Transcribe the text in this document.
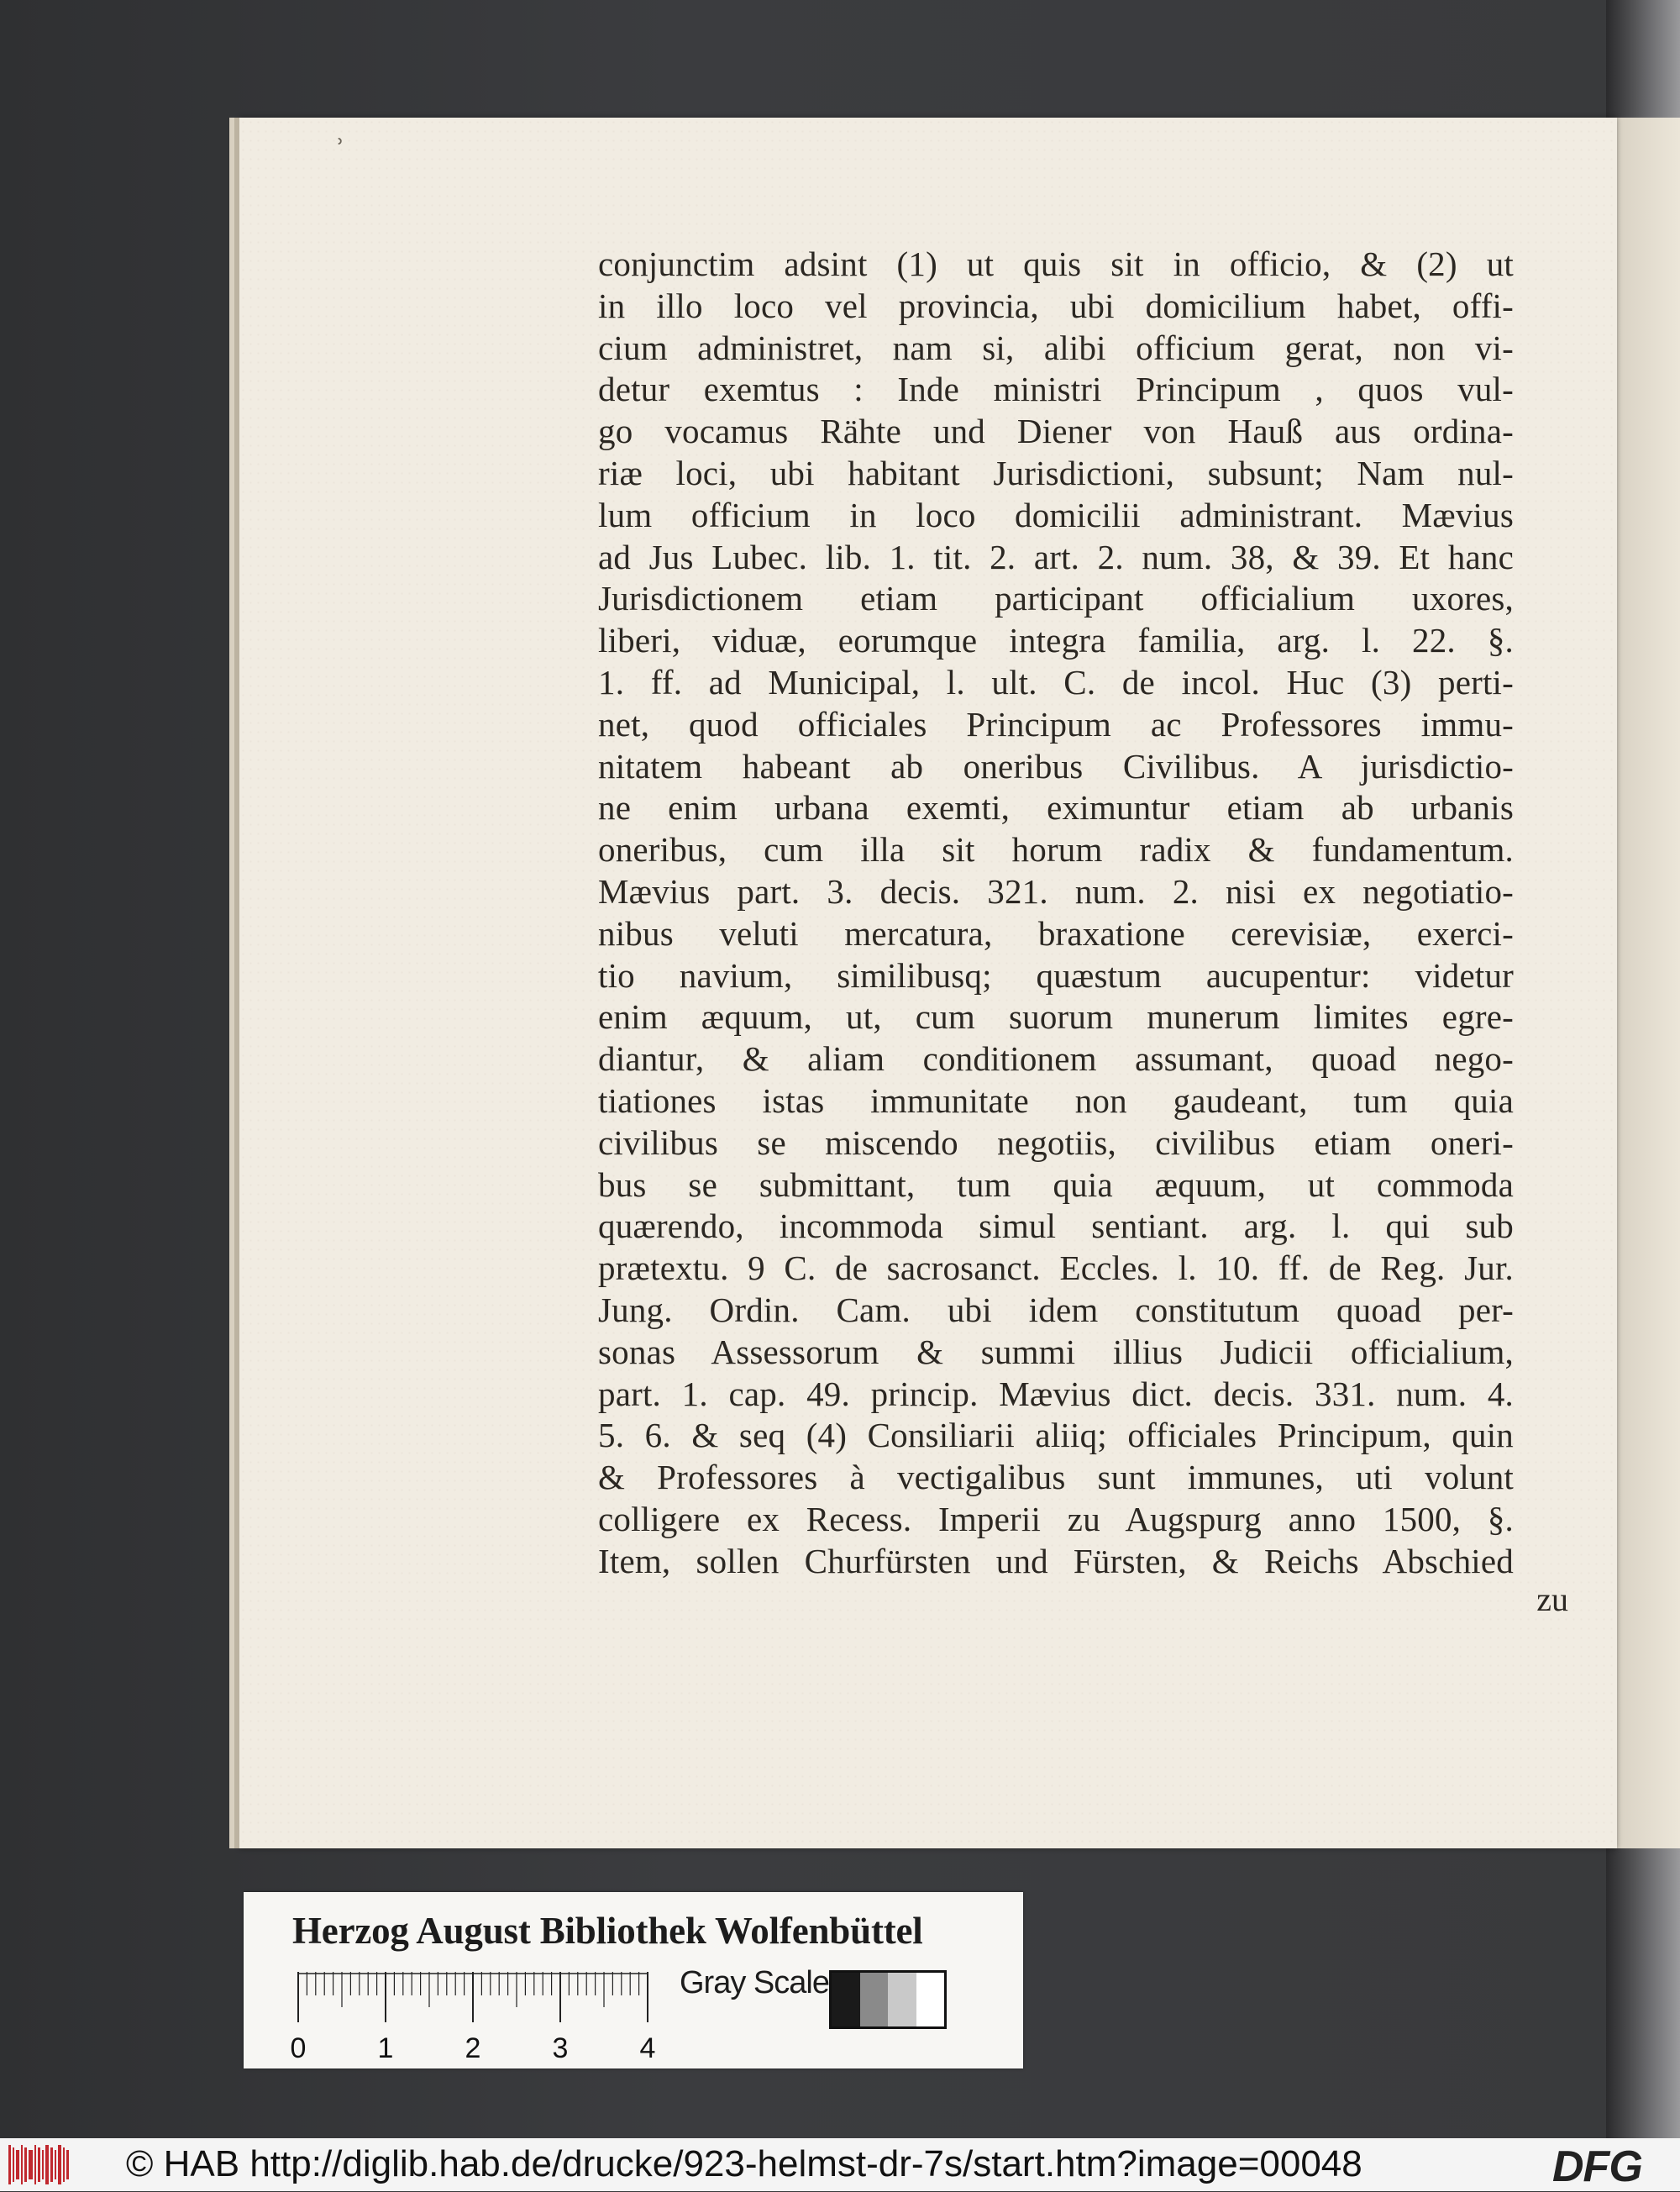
ʾ
conjunctim adsint (1) ut quis sit in officio, & (2) ut
in illo loco vel provincia, ubi domicilium habet, offi-
cium administret, nam si, alibi officium gerat, non vi-
detur exemtus : Inde ministri Principum , quos vul-
go vocamus Rähte und Diener von Hauß aus ordina-
riæ loci, ubi habitant Jurisdictioni, subsunt; Nam nul-
lum officium in loco domicilii administrant. Mævius
ad Jus Lubec. lib. 1. tit. 2. art. 2. num. 38, & 39. Et hanc
Jurisdictionem etiam participant officialium uxores,
liberi, viduæ, eorumque integra familia, arg. l. 22. §.
1. ff. ad Municipal, l. ult. C. de incol. Huc (3) perti-
net, quod officiales Principum ac Professores immu-
nitatem habeant ab oneribus Civilibus. A jurisdictio-
ne enim urbana exemti, eximuntur etiam ab urbanis
oneribus, cum illa sit horum radix & fundamentum.
Mævius part. 3. decis. 321. num. 2. nisi ex negotiatio-
nibus veluti mercatura, braxatione cerevisiæ, exerci-
tio navium, similibusq; quæstum aucupentur: videtur
enim æquum, ut, cum suorum munerum limites egre-
diantur, & aliam conditionem assumant, quoad nego-
tiationes istas immunitate non gaudeant, tum quia
civilibus se miscendo negotiis, civilibus etiam oneri-
bus se submittant, tum quia æquum, ut commoda
quærendo, incommoda simul sentiant. arg. l. qui sub
prætextu. 9 C. de sacrosanct. Eccles. l. 10. ff. de Reg. Jur.
Jung. Ordin. Cam. ubi idem constitutum quoad per-
sonas Assessorum & summi illius Judicii officialium,
part. 1. cap. 49. princip. Mævius dict. decis. 331. num. 4.
5. 6. & seq (4) Consiliarii aliiq; officiales Principum, quin
& Professores à vectigalibus sunt immunes, uti volunt
colligere ex Recess. Imperii zu Augspurg anno 1500, §.
Item, sollen Churfürsten und Fürsten, & Reichs Abschied
zu
Herzog August Bibliothek Wolfenbüttel
0	1	2	3	4
Gray Scale
© HAB http://diglib.hab.de/drucke/923-helmst-dr-7s/start.htm?image=00048	DFG
